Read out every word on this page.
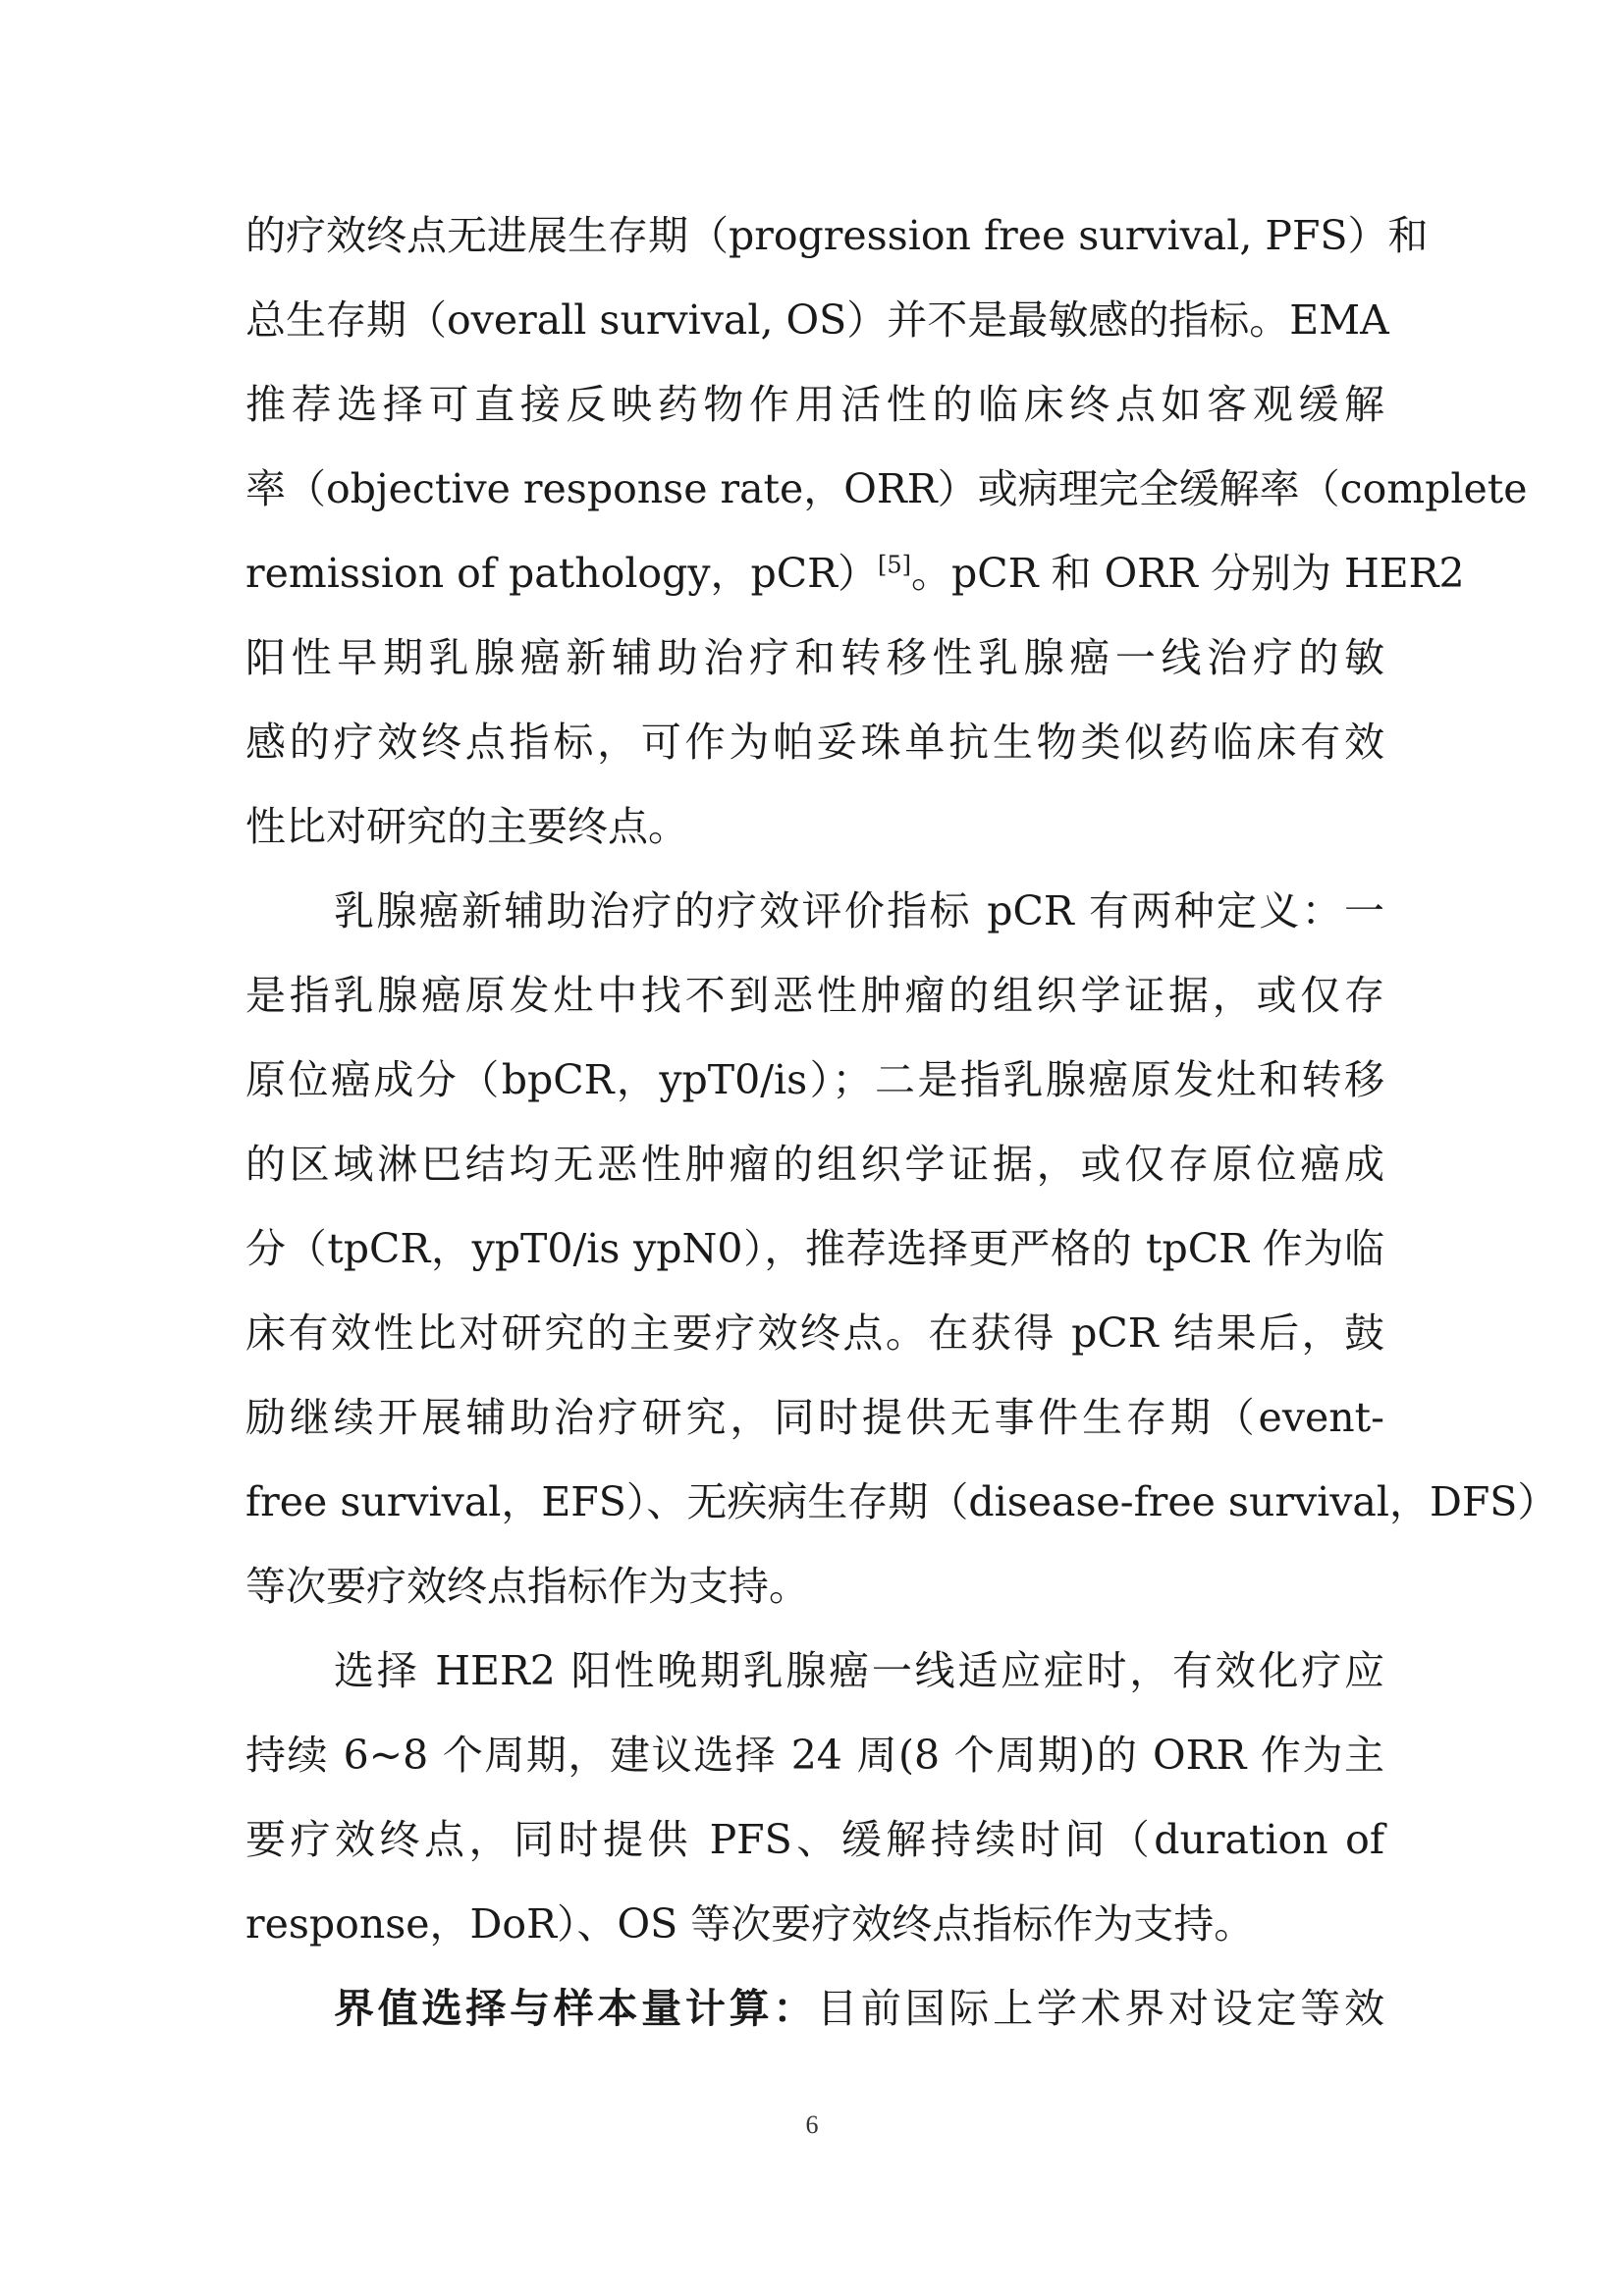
的疗效终点无进展生存期（progression free survival, PFS）和
总生存期（overall survival, OS）并不是最敏感的指标。EMA
推荐选择可直接反映药物作用活性的临床终点如客观缓解
率（objective response rate，ORR）或病理完全缓解率（complete
remission of pathology，pCR）[5]。pCR 和 ORR 分别为 HER2
阳性早期乳腺癌新辅助治疗和转移性乳腺癌一线治疗的敏
感的疗效终点指标，可作为帕妥珠单抗生物类似药临床有效
性比对研究的主要终点。
乳腺癌新辅助治疗的疗效评价指标 pCR 有两种定义：一
是指乳腺癌原发灶中找不到恶性肿瘤的组织学证据，或仅存
原位癌成分（bpCR，ypT0/is）；二是指乳腺癌原发灶和转移
的区域淋巴结均无恶性肿瘤的组织学证据，或仅存原位癌成
分（tpCR，ypT0/is ypN0），推荐选择更严格的 tpCR 作为临
床有效性比对研究的主要疗效终点。在获得 pCR 结果后，鼓
励继续开展辅助治疗研究，同时提供无事件生存期（event-
free survival，EFS）、无疾病生存期（disease-free survival，DFS）
等次要疗效终点指标作为支持。
选择 HER2 阳性晚期乳腺癌一线适应症时，有效化疗应
持续 6~8 个周期，建议选择 24 周(8 个周期)的 ORR 作为主
要疗效终点，同时提供 PFS、缓解持续时间（duration of
response，DoR）、OS 等次要疗效终点指标作为支持。
界值选择与样本量计算：目前国际上学术界对设定等效
6
